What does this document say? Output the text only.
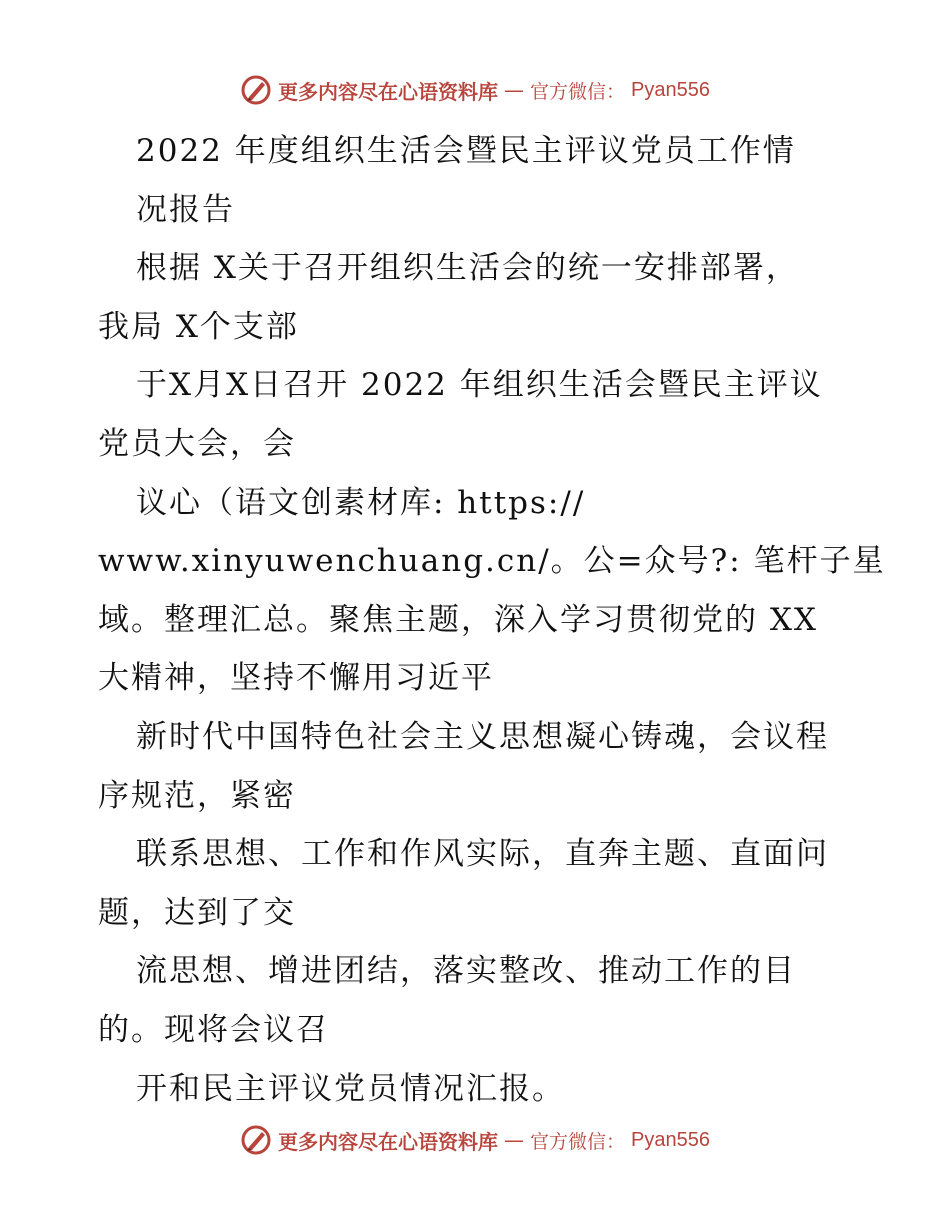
更多内容尽在心语资料库 — 官方微信： Pyan556
2022 年度组织生活会暨民主评议党员工作情
况报告
根据 X关于召开组织生活会的统一安排部署，
我局 X个支部
于X月X日召开 2022 年组织生活会暨民主评议
党员大会，会
议心（语文创素材库: https://
www.xinyuwenchuang.cn/。公=众号?: 笔杆子星
域。整理汇总。聚焦主题，深入学习贯彻党的 XX
大精神，坚持不懈用习近平
新时代中国特色社会主义思想凝心铸魂，会议程
序规范，紧密
联系思想、工作和作风实际，直奔主题、直面问
题，达到了交
流思想、增进团结，落实整改、推动工作的目
的。现将会议召
开和民主评议党员情况汇报。
更多内容尽在心语资料库 — 官方微信： Pyan556
